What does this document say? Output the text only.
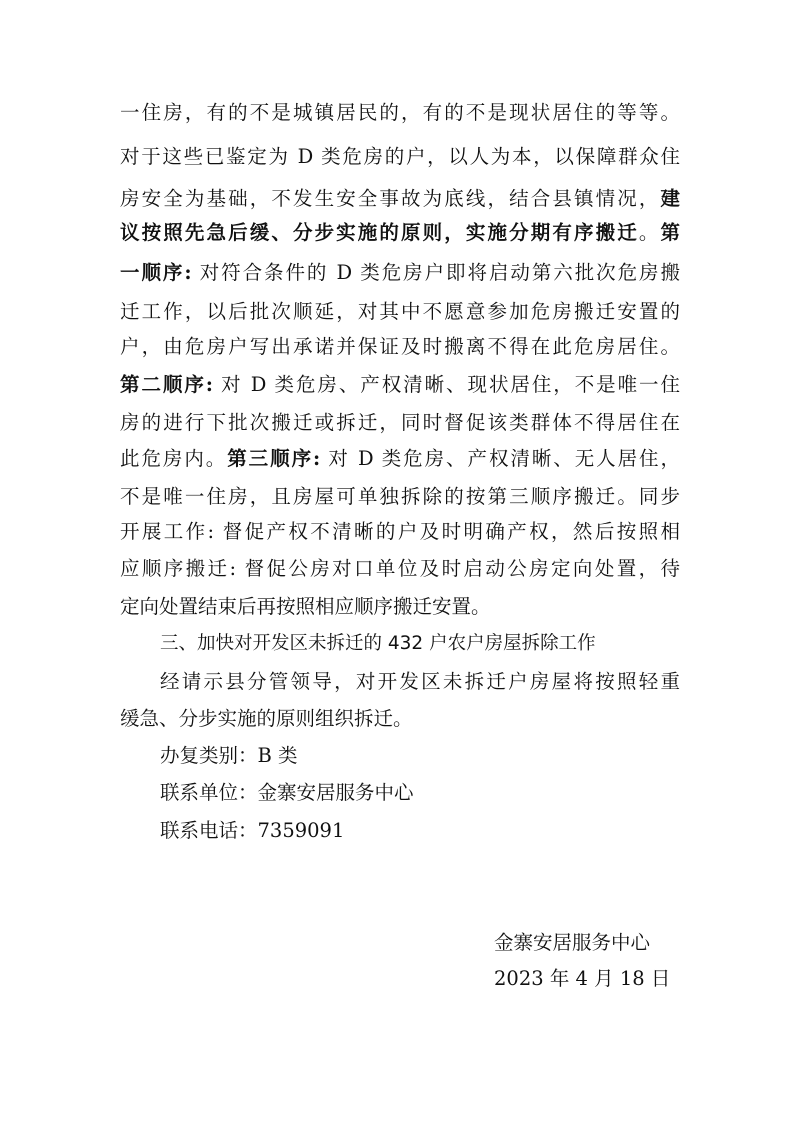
一住房，有的不是城镇居民的，有的不是现状居住的等等。
对于这些已鉴定为 D 类危房的户，以人为本，以保障群众住
房安全为基础，不发生安全事故为底线，结合县镇情况，建
议按照先急后缓、分步实施的原则，实施分期有序搬迁。第
一顺序: 对符合条件的 D 类危房户即将启动第六批次危房搬
迁工作，以后批次顺延，对其中不愿意参加危房搬迁安置的
户，由危房户写出承诺并保证及时搬离不得在此危房居住。
第二顺序: 对 D 类危房、产权清晰、现状居住，不是唯一住
房的进行下批次搬迁或拆迁，同时督促该类群体不得居住在
此危房内。第三顺序: 对 D 类危房、产权清晰、无人居住，
不是唯一住房，且房屋可单独拆除的按第三顺序搬迁。同步
开展工作: 督促产权不清晰的户及时明确产权，然后按照相
应顺序搬迁: 督促公房对口单位及时启动公房定向处置，待
定向处置结束后再按照相应顺序搬迁安置。
三、加快对开发区未拆迁的 432 户农户房屋拆除工作
经请示县分管领导，对开发区未拆迁户房屋将按照轻重
缓急、分步实施的原则组织拆迁。
办复类别：B 类
联系单位：金寨安居服务中心
联系电话：7359091
金寨安居服务中心
2023 年 4 月 18 日
